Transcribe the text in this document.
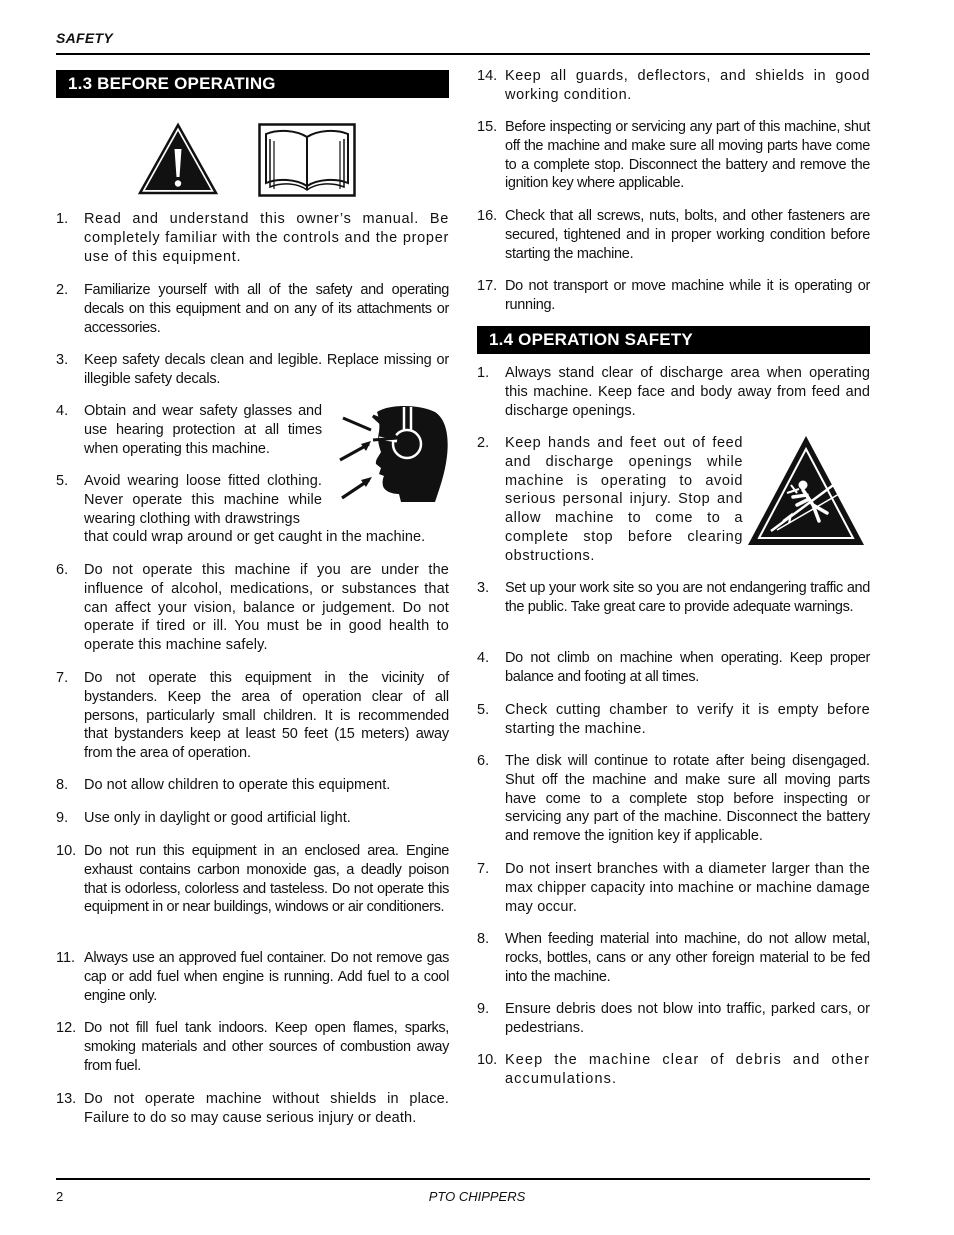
SAFETY
1.3 BEFORE OPERATING
1. Read and understand this owner’s manual. Be completely familiar with the controls and the proper use of this equipment.
2. Familiarize yourself with all of the safety and operating decals on this equipment and on any of its attachments or accessories.
3. Keep safety decals clean and legible. Replace missing or illegible safety decals.
4. Obtain and wear safety glasses and use hearing protection at all times when operating this machine.
5. Avoid wearing loose fitted clothing. Never operate this machine while wearing clothing with drawstrings
that could wrap around or get caught in the machine.
6. Do not operate this machine if you are under the influence of alcohol, medications, or substances that can affect your vision, balance or judgement. Do not operate if tired or ill. You must be in good health to operate this machine safely.
7. Do not operate this equipment in the vicinity of bystanders. Keep the area of operation clear of all persons, particularly small children. It is recommended that bystanders keep at least 50 feet (15 meters) away from the area of operation.
8. Do not allow children to operate this equipment.
9. Use only in daylight or good artificial light.
10. Do not run this equipment in an enclosed area. Engine exhaust contains carbon monoxide gas, a deadly poison that is odorless, colorless and tasteless. Do not operate this equipment in or near buildings, windows or air conditioners.
11. Always use an approved fuel container. Do not remove gas cap or add fuel when engine is running. Add fuel to a cool engine only.
12. Do not fill fuel tank indoors. Keep open flames, sparks, smoking materials and other sources of combustion away from fuel.
13. Do not operate machine without shields in place. Failure to do so may cause serious injury or death.
14. Keep all guards, deflectors, and shields in good working condition.
15. Before inspecting or servicing any part of this machine, shut off the machine and make sure all moving parts have come to a complete stop. Disconnect the battery and remove the ignition key where applicable.
16. Check that all screws, nuts, bolts, and other fasteners are secured, tightened and in proper working condition before starting the machine.
17. Do not transport or move machine while it is operating or running.
1.4 OPERATION SAFETY
1. Always stand clear of discharge area when operating this machine. Keep face and body away from feed and discharge openings.
2. Keep hands and feet out of feed and discharge openings while machine is operating to avoid serious personal injury. Stop and allow machine to come to a complete stop before clearing obstructions.
3. Set up your work site so you are not endangering traffic and the public. Take great care to provide adequate warnings.
4. Do not climb on machine when operating. Keep proper balance and footing at all times.
5. Check cutting chamber to verify it is empty before starting the machine.
6. The disk will continue to rotate after being disengaged. Shut off the machine and make sure all moving parts have come to a complete stop before inspecting or servicing any part of the machine. Disconnect the battery and remove the ignition key if applicable.
7. Do not insert branches with a diameter larger than the max chipper capacity into machine or machine damage may occur.
8. When feeding material into machine, do not allow metal, rocks, bottles, cans or any other foreign material to be fed into the machine.
9. Ensure debris does not blow into traffic, parked cars, or pedestrians.
10. Keep the machine clear of debris and other accumulations.
2	PTO CHIPPERS
